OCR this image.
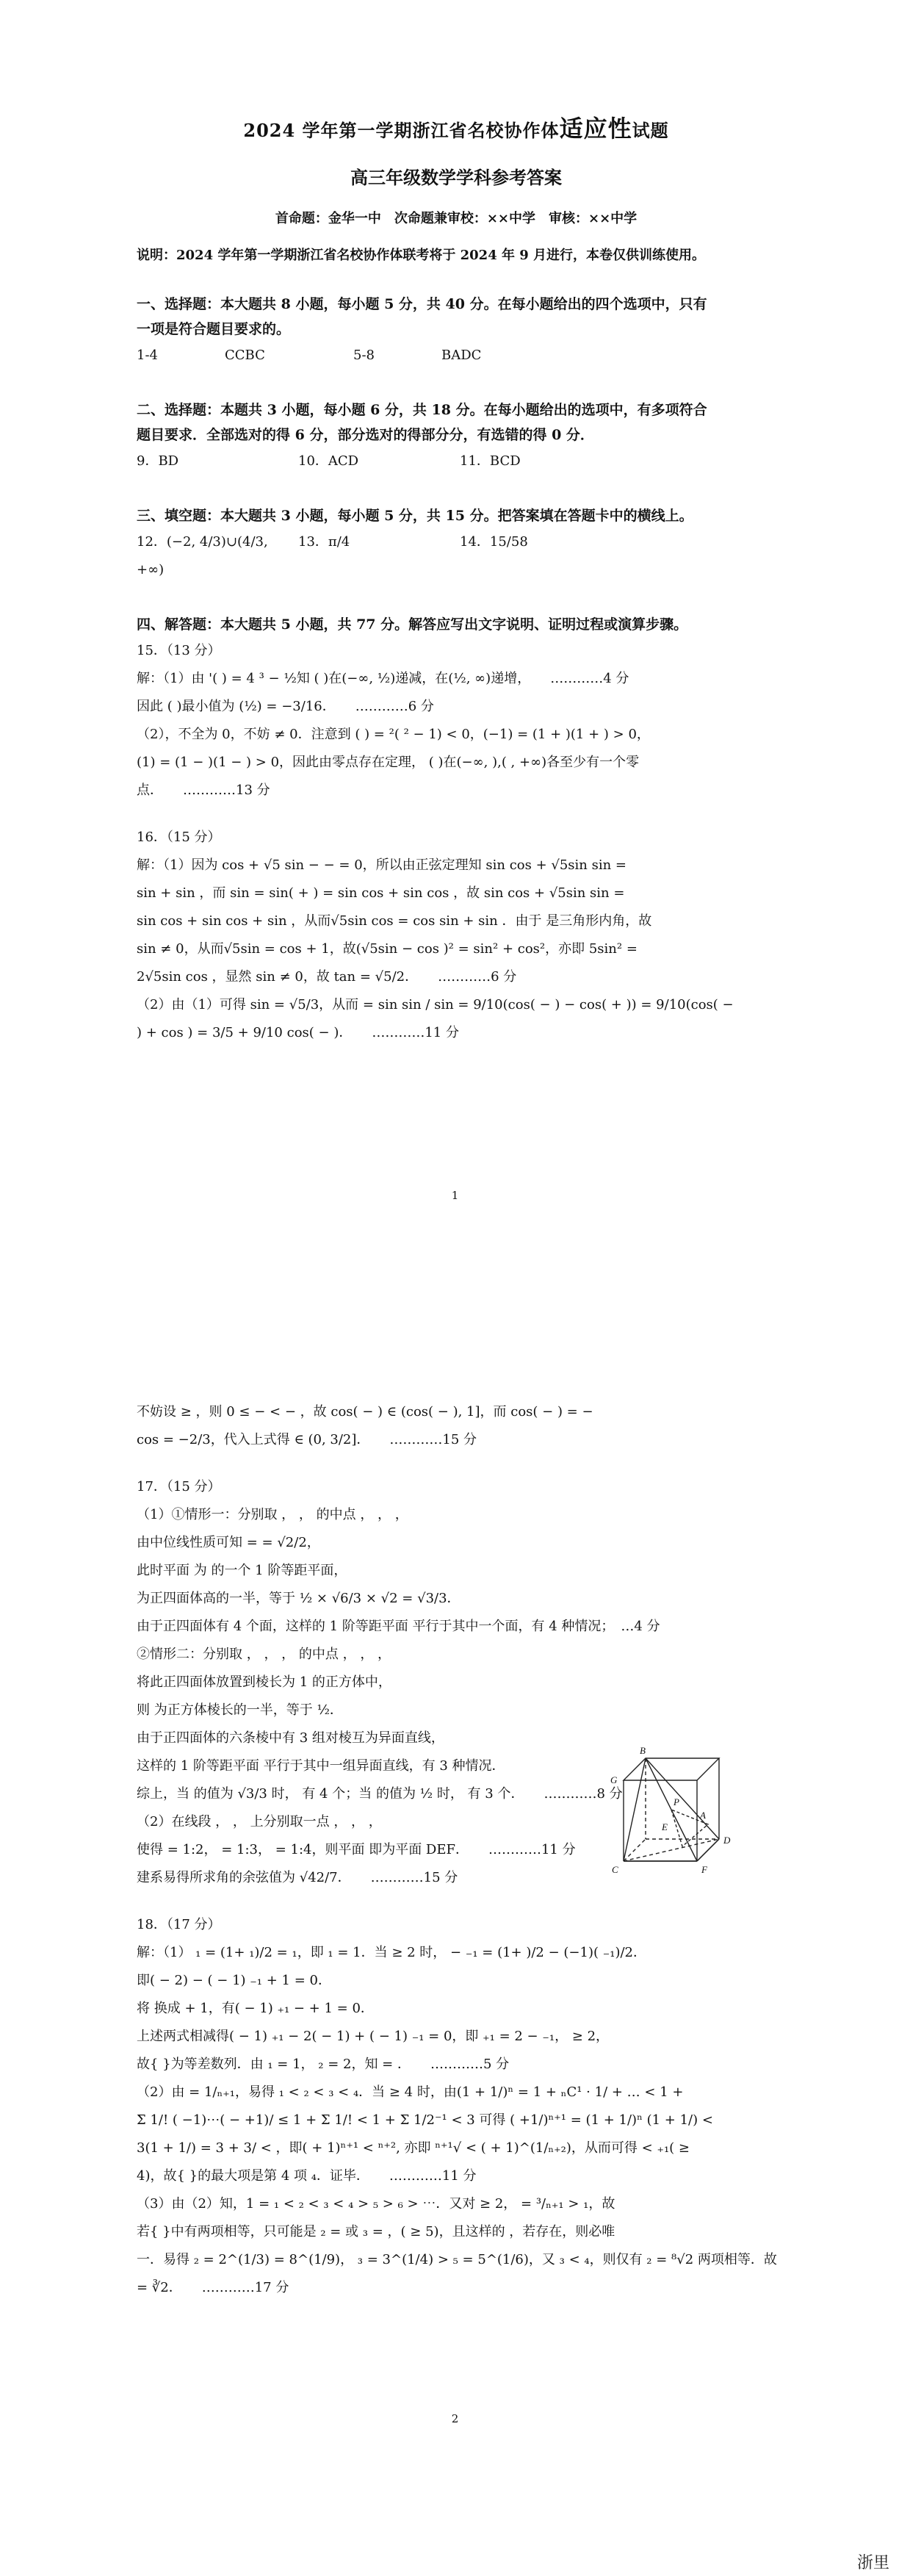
2024 学年第一学期浙江省名校协作体适应性试题
高三年级数学学科参考答案
首命题：金华一中　次命题兼审校：××中学　审核：××中学
说明：2024 学年第一学期浙江省名校协作体联考将于 2024 年 9 月进行，本卷仅供训练使用。
一、选择题：本大题共 8 小题，每小题 5 分，共 40 分。在每小题给出的四个选项中，只有
一项是符合题目要求的。
1-4	CCBC	5-8	BADC
二、选择题：本题共 3 小题，每小题 6 分，共 18 分。在每小题给出的选项中，有多项符合
题目要求．全部选对的得 6 分，部分选对的得部分分，有选错的得 0 分．
9．BD	10．ACD	11．BCD
三、填空题：本大题共 3 小题，每小题 5 分，共 15 分。把答案填在答题卡中的横线上。
12．(−2, 4/3)∪(4/3, +∞)
13．π/4	14．15/58
四、解答题：本大题共 5 小题，共 77 分。解答应写出文字说明、证明过程或演算步骤。
15．（13 分）
解：（1）由 '( ) = 4 ³ − ½知 ( )在(−∞, ½)递减，在(½, ∞)递增，　　…………4 分
因此 ( )最小值为 (½) = −3/16．　　…………6 分
（2），不全为 0，不妨 ≠ 0．注意到 ( ) = ²( ² − 1) < 0，(−1) = (1 + )(1 + ) > 0，
(1) = (1 − )(1 − ) > 0，因此由零点存在定理， ( )在(−∞, ),( , +∞)各至少有一个零
点．　　…………13 分
16．（15 分）
解：（1）因为 cos + √5 sin − − = 0，所以由正弦定理知 sin cos + √5sin sin =
sin + sin ，而 sin = sin( + ) = sin cos + sin cos ，故 sin cos + √5sin sin =
sin cos + sin cos + sin ，从而√5sin cos = cos sin + sin ．由于 是三角形内角，故
sin ≠ 0，从而√5sin = cos + 1，故(√5sin − cos )² = sin² + cos²，亦即 5sin² =
2√5sin cos ，显然 sin ≠ 0，故 tan = √5/2．　　…………6 分
（2）由（1）可得 sin = √5/3，从而 = sin sin / sin = 9/10(cos( − ) − cos( + )) = 9/10(cos( −
) + cos ) = 3/5 + 9/10 cos( − )．　　…………11 分
1
不妨设 ≥ ，则 0 ≤ − < − ，故 cos( − ) ∈ (cos( − ), 1]，而 cos( − ) = −
cos = −2/3，代入上式得 ∈ (0, 3/2]．　　…………15 分
17．（15 分）
（1）①情形一：分别取 ， ， 的中点 ， ， ，
由中位线性质可知 = = √2/2，
此时平面 为 的一个 1 阶等距平面，
为正四面体高的一半，等于 ½ × √6/3 × √2 = √3/3．
由于正四面体有 4 个面，这样的 1 阶等距平面 平行于其中一个面，有 4 种情况；　…4 分
②情形二：分别取 ， ， ， 的中点 ， ， ，
将此正四面体放置到棱长为 1 的正方体中，
则 为正方体棱长的一半，等于 ½．
由于正四面体的六条棱中有 3 组对棱互为异面直线，
这样的 1 阶等距平面 平行于其中一组异面直线，有 3 种情况．
综上，当 的值为 √3/3 时， 有 4 个；当 的值为 ½ 时， 有 3 个．　　…………8 分
（2）在线段 ， ， 上分别取一点 ， ， ，
使得 = 1:2， = 1:3， = 1:4，则平面 即为平面 DEF．　　…………11 分
建系易得所求角的余弦值为 √42/7．　　…………15 分
18．（17 分）
解：（1） ₁ = (1+ ₁)/2 = ₁，即 ₁ = 1．当 ≥ 2 时， − ₋₁ = (1+ )/2 − (−1)( ₋₁)/2．
即( − 2) − ( − 1) ₋₁ + 1 = 0．
将 换成 + 1，有( − 1) ₊₁ − + 1 = 0．
上述两式相减得( − 1) ₊₁ − 2( − 1) + ( − 1) ₋₁ = 0，即 ₊₁ = 2 − ₋₁， ≥ 2，
故{ }为等差数列．由 ₁ = 1， ₂ = 2，知 = ．　　…………5 分
（2）由 = 1/ₙ₊₁，易得 ₁ < ₂ < ₃ < ₄．当 ≥ 4 时，由(1 + 1/)ⁿ = 1 + ₙC¹ · 1/ + … < 1 +
Σ 1/! ( −1)⋯( − +1)/ ≤ 1 + Σ 1/! < 1 + Σ 1/2⁻¹ < 3 可得 ( +1/)ⁿ⁺¹ = (1 + 1/)ⁿ (1 + 1/) <
3(1 + 1/) = 3 + 3/ < ，即( + 1)ⁿ⁺¹ < ⁿ⁺², 亦即 ⁿ⁺¹√ < ( + 1)^(1/ₙ₊₂)，从而可得 < ₊₁( ≥
4)，故{ }的最大项是第 4 项 ₄．证毕．　　…………11 分
（3）由（2）知，1 = ₁ < ₂ < ₃ < ₄ > ₅ > ₆ > ⋯．又对 ≥ 2， = ³/ₙ₊₁ > ₁，故
若{ }中有两项相等，只可能是 ₂ = 或 ₃ = ，( ≥ 5)，且这样的 ，若存在，则必唯
一．易得 ₂ = 2^(1/3) = 8^(1/9)， ₃ = 3^(1/4) > ₅ = 5^(1/6)，又 ₃ < ₄，则仅有 ₂ = ⁸√2 两项相等．故
= ∛2．　　…………17 分
B
G
C
P
E
D
A
F
2
浙里
